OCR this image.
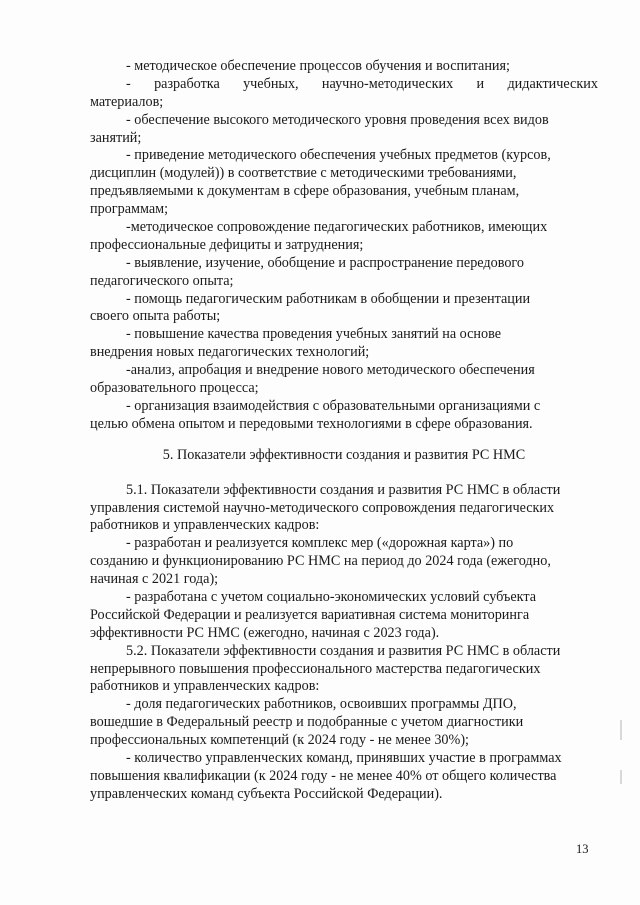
- методическое обеспечение процессов обучения и воспитания;
- разработка учебных, научно-методических и дидактических
материалов;
- обеспечение высокого методического уровня проведения всех видов
занятий;
- приведение методического обеспечения учебных предметов (курсов,
дисциплин (модулей)) в соответствие с методическими требованиями,
предъявляемыми к документам в сфере образования, учебным планам,
программам;
-методическое сопровождение педагогических работников, имеющих
профессиональные дефициты и затруднения;
- выявление, изучение, обобщение и распространение передового
педагогического опыта;
- помощь педагогическим работникам в обобщении и презентации
своего опыта работы;
- повышение качества проведения учебных занятий на основе
внедрения новых педагогических технологий;
-анализ, апробация и внедрение нового методического обеспечения
образовательного процесса;
- организация взаимодействия с образовательными организациями с
целью обмена опытом и передовыми технологиями в сфере образования.
5. Показатели эффективности создания и развития РС НМС
5.1. Показатели эффективности создания и развития РС НМС в области
управления системой научно-методического сопровождения педагогических
работников и управленческих кадров:
- разработан и реализуется комплекс мер («дорожная карта») по
созданию и функционированию РС НМС на период до 2024 года (ежегодно,
начиная с 2021 года);
- разработана с учетом социально-экономических условий субъекта
Российской Федерации и реализуется вариативная система мониторинга
эффективности РС НМС (ежегодно, начиная с 2023 года).
5.2. Показатели эффективности создания и развития РС НМС в области
непрерывного повышения профессионального мастерства педагогических
работников и управленческих кадров:
- доля педагогических работников, освоивших программы ДПО,
вошедшие в Федеральный реестр и подобранные с учетом диагностики
профессиональных компетенций (к 2024 году - не менее 30%);
- количество управленческих команд, принявших участие в программах
повышения квалификации (к 2024 году - не менее 40% от общего количества
управленческих команд субъекта Российской Федерации).
13
